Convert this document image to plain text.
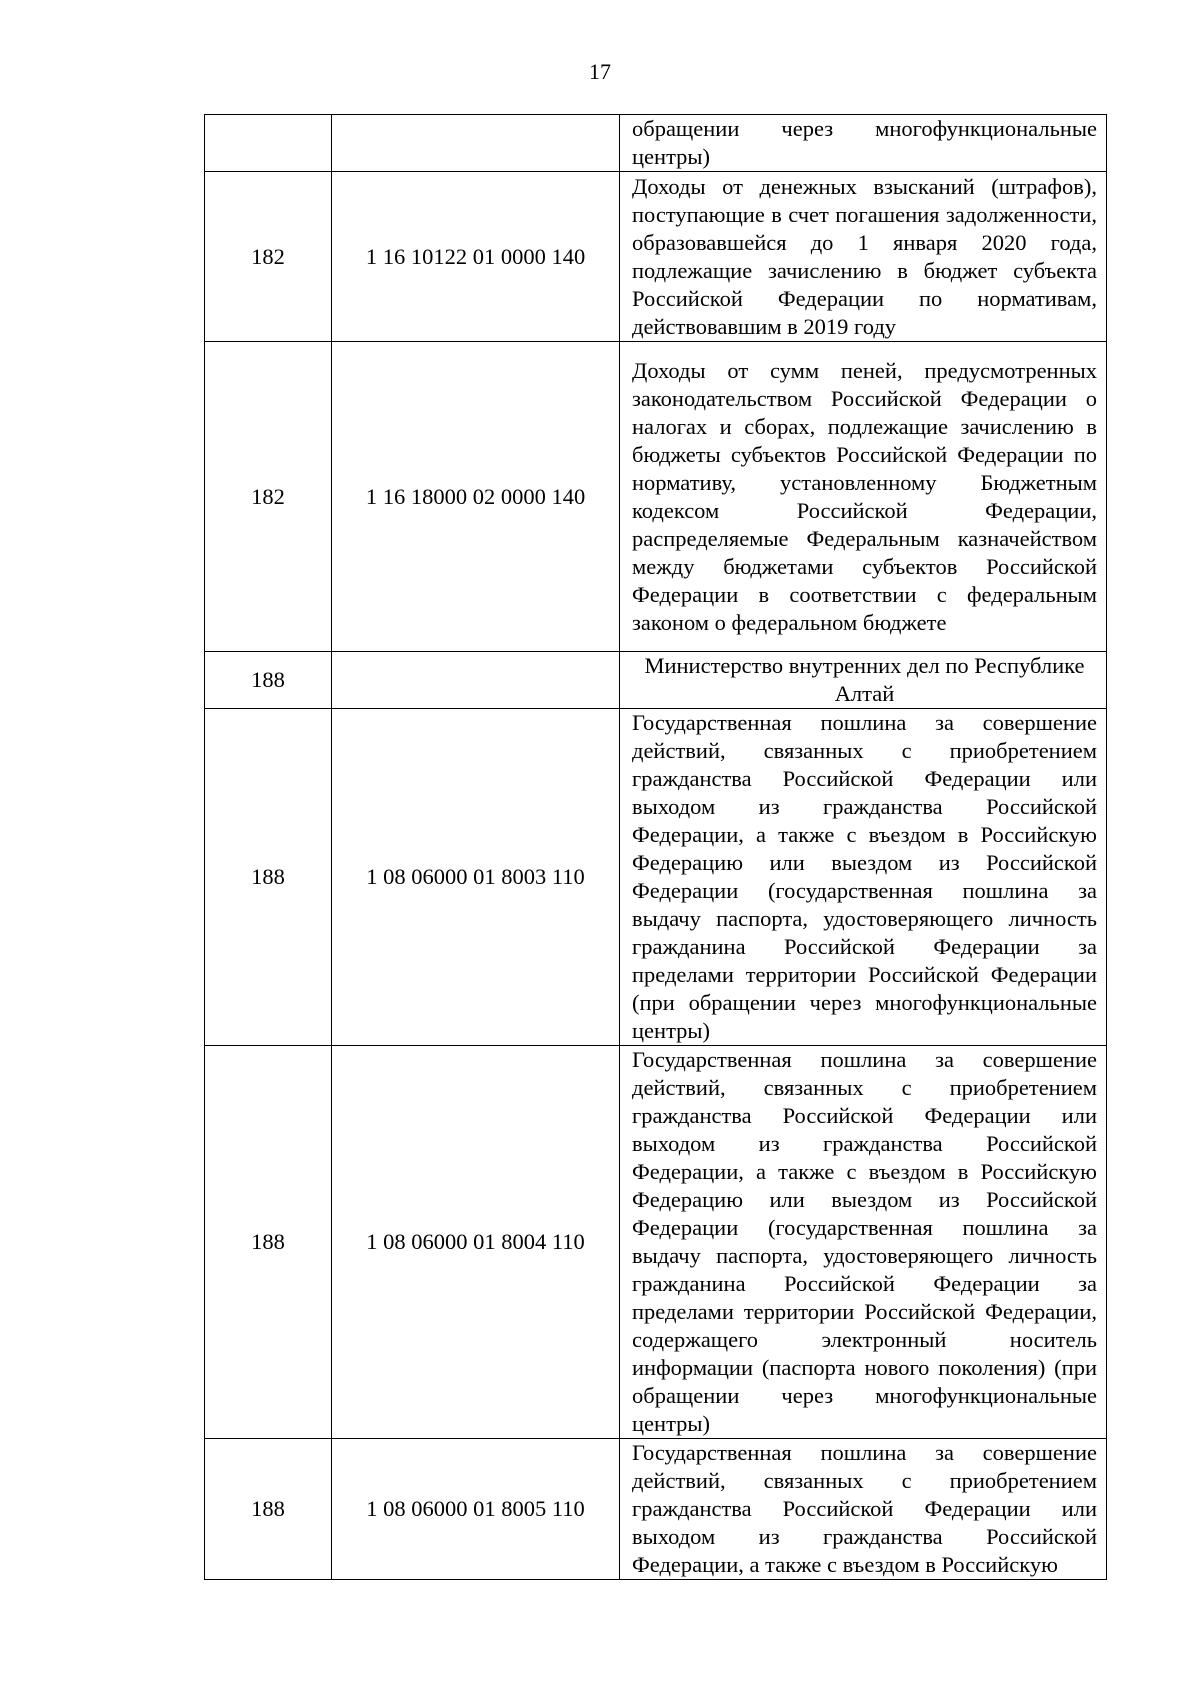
17
		обращении через многофункциональные центры)
182	1 16 10122 01 0000 140	Доходы от денежных взысканий (штрафов), поступающие в счет погашения задолженности, образовавшейся до 1 января 2020 года, подлежащие зачислению в бюджет субъекта Российской Федерации по нормативам, действовавшим в 2019 году
182	1 16 18000 02 0000 140	Доходы от сумм пеней, предусмотренных законодательством Российской Федерации о налогах и сборах, подлежащие зачислению в бюджеты субъектов Российской Федерации по нормативу, установленному Бюджетным кодексом Российской Федерации, распределяемые Федеральным казначейством между бюджетами субъектов Российской Федерации в соответствии с федеральным законом о федеральном бюджете
188		Министерство внутренних дел по Республике Алтай
188	1 08 06000 01 8003 110	Государственная пошлина за совершение действий, связанных с приобретением гражданства Российской Федерации или выходом из гражданства Российской Федерации, а также с въездом в Российскую Федерацию или выездом из Российской Федерации (государственная пошлина за выдачу паспорта, удостоверяющего личность гражданина Российской Федерации за пределами территории Российской Федерации (при обращении через многофункциональные центры)
188	1 08 06000 01 8004 110	Государственная пошлина за совершение действий, связанных с приобретением гражданства Российской Федерации или выходом из гражданства Российской Федерации, а также с въездом в Российскую Федерацию или выездом из Российской Федерации (государственная пошлина за выдачу паспорта, удостоверяющего личность гражданина Российской Федерации за пределами территории Российской Федерации, содержащего электронный носитель информации (паспорта нового поколения) (при обращении через многофункциональные центры)
188	1 08 06000 01 8005 110	Государственная пошлина за совершение действий, связанных с приобретением гражданства Российской Федерации или выходом из гражданства Российской Федерации, а также с въездом в Российскую
